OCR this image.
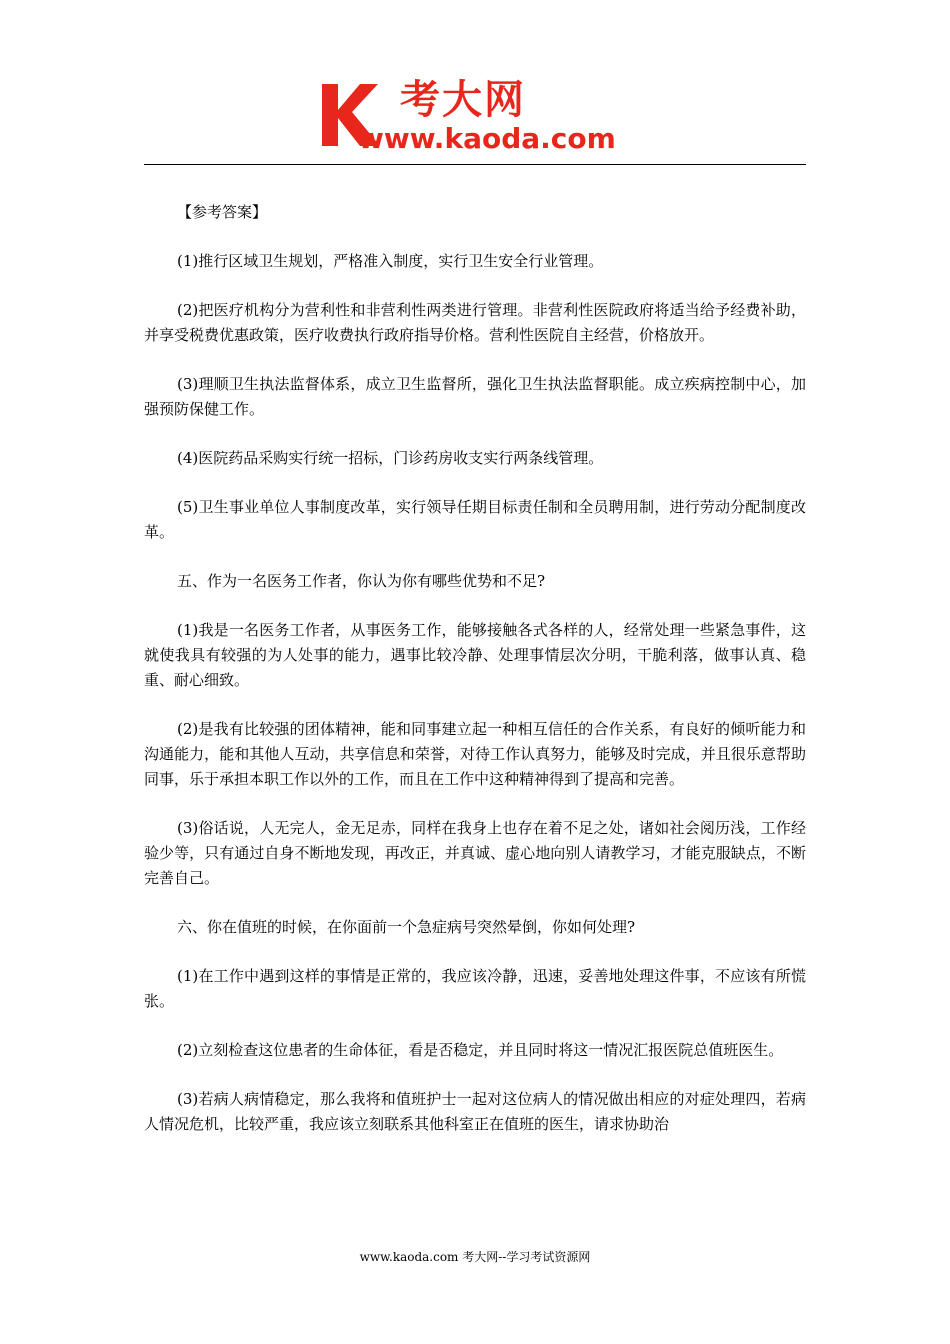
考大网
www.kaoda.com

【参考答案】

(1)推行区域卫生规划，严格准入制度，实行卫生安全行业管理。

(2)把医疗机构分为营利性和非营利性两类进行管理。非营利性医院政府将适当给予经费补助，并享受税费优惠政策，医疗收费执行政府指导价格。营利性医院自主经营，价格放开。

(3)理顺卫生执法监督体系，成立卫生监督所，强化卫生执法监督职能。成立疾病控制中心，加强预防保健工作。

(4)医院药品采购实行统一招标，门诊药房收支实行两条线管理。

(5)卫生事业单位人事制度改革，实行领导任期目标责任制和全员聘用制，进行劳动分配制度改革。

五、作为一名医务工作者，你认为你有哪些优势和不足?

(1)我是一名医务工作者，从事医务工作，能够接触各式各样的人，经常处理一些紧急事件，这就使我具有较强的为人处事的能力，遇事比较冷静、处理事情层次分明，干脆利落，做事认真、稳重、耐心细致。

(2)是我有比较强的团体精神，能和同事建立起一种相互信任的合作关系，有良好的倾听能力和沟通能力，能和其他人互动，共享信息和荣誉，对待工作认真努力，能够及时完成，并且很乐意帮助同事，乐于承担本职工作以外的工作，而且在工作中这种精神得到了提高和完善。

(3)俗话说，人无完人，金无足赤，同样在我身上也存在着不足之处，诸如社会阅历浅，工作经验少等，只有通过自身不断地发现，再改正，并真诚、虚心地向别人请教学习，才能克服缺点，不断完善自己。

六、你在值班的时候，在你面前一个急症病号突然晕倒，你如何处理?

(1)在工作中遇到这样的事情是正常的，我应该冷静，迅速，妥善地处理这件事，不应该有所慌张。

(2)立刻检查这位患者的生命体征，看是否稳定，并且同时将这一情况汇报医院总值班医生。

(3)若病人病情稳定，那么我将和值班护士一起对这位病人的情况做出相应的对症处理四，若病人情况危机，比较严重，我应该立刻联系其他科室正在值班的医生，请求协助治

www.kaoda.com 考大网--学习考试资源网
